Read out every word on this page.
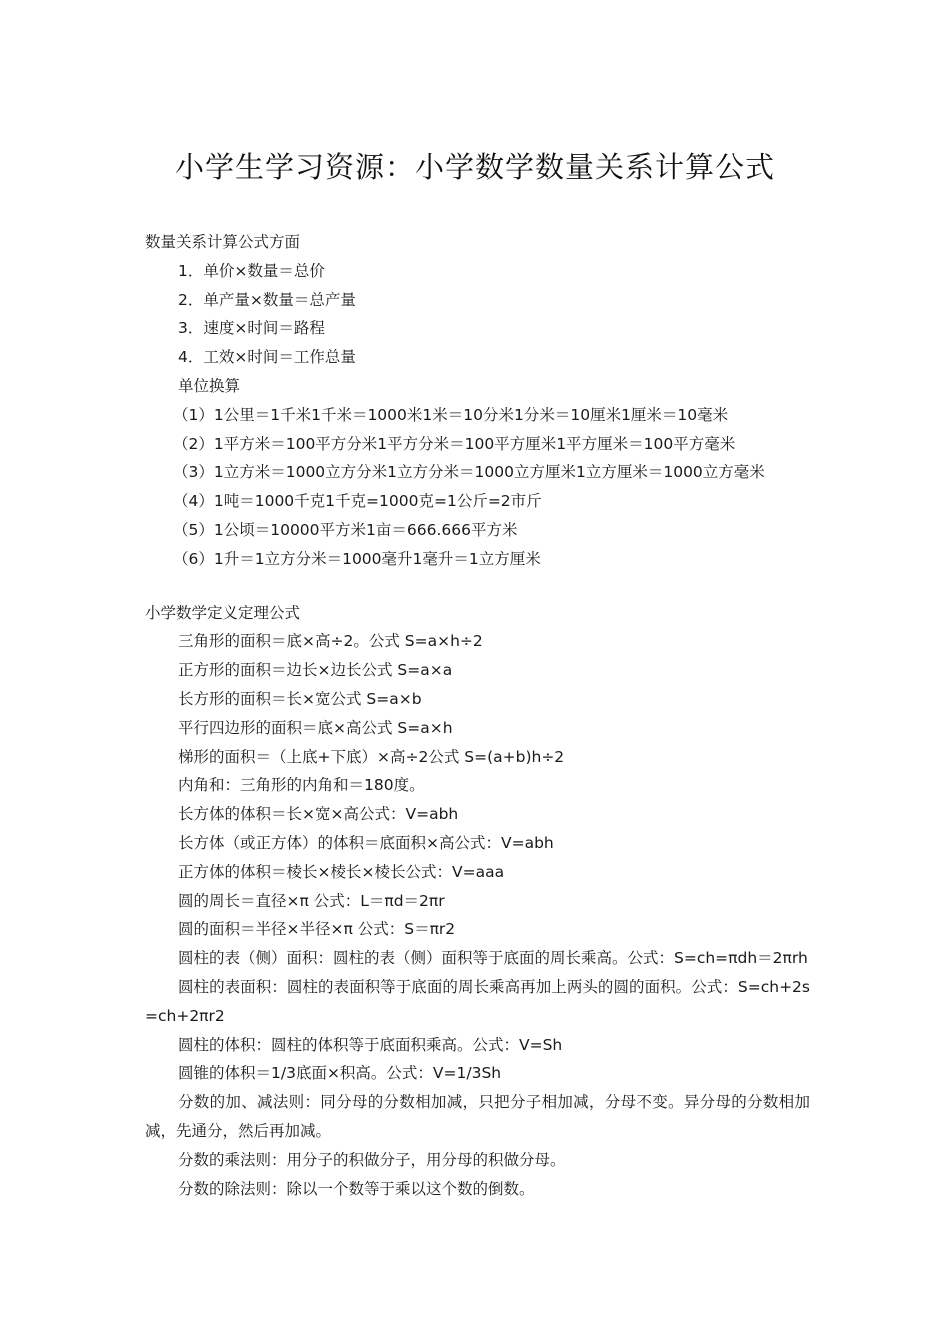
小学生学习资源：小学数学数量关系计算公式
数量关系计算公式方面
1．单价×数量＝总价
2．单产量×数量＝总产量
3．速度×时间＝路程
4．工效×时间＝工作总量
单位换算
（1）1公里＝1千米1千米＝1000米1米＝10分米1分米＝10厘米1厘米＝10毫米
（2）1平方米＝100平方分米1平方分米＝100平方厘米1平方厘米＝100平方毫米
（3）1立方米＝1000立方分米1立方分米＝1000立方厘米1立方厘米＝1000立方毫米
（4）1吨＝1000千克1千克=1000克=1公斤=2市斤
（5）1公顷＝10000平方米1亩＝666.666平方米
（6）1升＝1立方分米＝1000毫升1毫升＝1立方厘米
小学数学定义定理公式
三角形的面积＝底×高÷2。公式 S=a×h÷2
正方形的面积＝边长×边长公式 S=a×a
长方形的面积＝长×宽公式 S=a×b
平行四边形的面积＝底×高公式 S=a×h
梯形的面积＝（上底+下底）×高÷2公式 S=(a+b)h÷2
内角和：三角形的内角和＝180度。
长方体的体积＝长×宽×高公式：V=abh
长方体（或正方体）的体积＝底面积×高公式：V=abh
正方体的体积＝棱长×棱长×棱长公式：V=aaa
圆的周长＝直径×π 公式：L＝πd＝2πr
圆的面积＝半径×半径×π 公式：S＝πr2
圆柱的表（侧）面积：圆柱的表（侧）面积等于底面的周长乘高。公式：S=ch=πdh＝2πrh
圆柱的表面积：圆柱的表面积等于底面的周长乘高再加上两头的圆的面积。公式：S=ch+2s=ch+2πr2
圆柱的体积：圆柱的体积等于底面积乘高。公式：V=Sh
圆锥的体积＝1/3底面×积高。公式：V=1/3Sh
分数的加、减法则：同分母的分数相加减，只把分子相加减，分母不变。异分母的分数相加减，先通分，然后再加减。
分数的乘法则：用分子的积做分子，用分母的积做分母。
分数的除法则：除以一个数等于乘以这个数的倒数。
